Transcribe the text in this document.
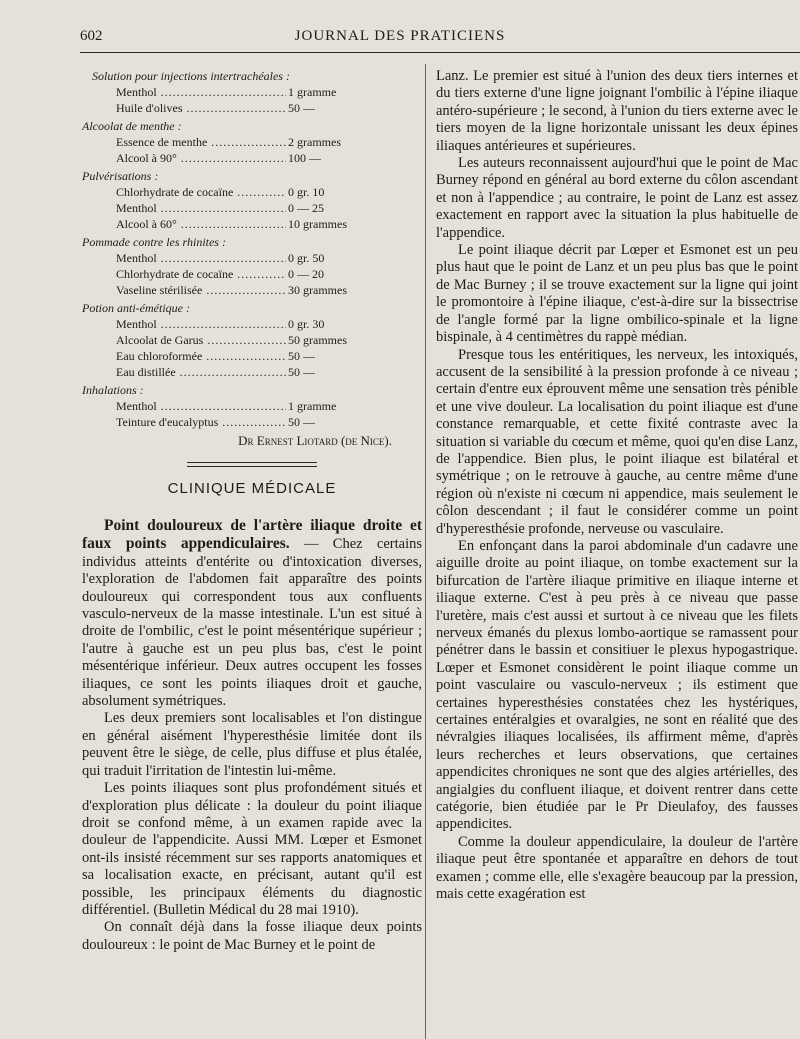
602	JOURNAL DES PRATICIENS
Solution pour injections intertrachéales :
Menthol .....	1 gramme
Huile d'olives .....	50 —
Alcoolat de menthe :
Essence de menthe .....	2 grammes
Alcool à 90° .....	100 —
Pulvérisations :
Chlorhydrate de cocaïne .....	0 gr. 10
Menthol .....	0 — 25
Alcool à 60° .....	10 grammes
Pommade contre les rhinites :
Menthol .....	0 gr. 50
Chlorhydrate de cocaïne .....	0 — 20
Vaseline stérilisée .....	30 grammes
Potion anti-émétique :
Menthol .....	0 gr. 30
Alcoolat de Garus .....	50 grammes
Eau chloroformée .....	50 —
Eau distillée .....	50 —
Inhalations :
Menthol .....	1 gramme
Teinture d'eucalyptus .....	50 —
Dr Ernest Liotard (de Nice).
CLINIQUE MÉDICALE

Point douloureux de l'artère iliaque droite et faux points appendiculaires. — Chez certains individus atteints d'entérite ou d'intoxication diverses, l'exploration de l'abdomen fait apparaître des points douloureux qui correspondent tous aux confluents vasculo-nerveux de la masse intestinale. L'un est situé à droite de l'ombilic, c'est le point mésentérique supérieur ; l'autre à gauche est un peu plus bas, c'est le point mésentérique inférieur. Deux autres occupent les fosses iliaques, ce sont les points iliaques droit et gauche, absolument symétriques.

Les deux premiers sont localisables et l'on distingue en général aisément l'hyperesthésie limitée dont ils peuvent être le siège, de celle, plus diffuse et plus étalée, qui traduit l'irritation de l'intestin lui-même.

Les points iliaques sont plus profondément situés et d'exploration plus délicate : la douleur du point iliaque droit se confond même, à un examen rapide avec la douleur de l'appendicite. Aussi MM. Lœper et Esmonet ont-ils insisté récemment sur ses rapports anatomiques et sa localisation exacte, en précisant, autant qu'il est possible, les principaux éléments du diagnostic différentiel. (Bulletin Médical du 28 mai 1910).

On connaît déjà dans la fosse iliaque deux points douloureux : le point de Mac Burney et le point de

Lanz. Le premier est situé à l'union des deux tiers internes et du tiers externe d'une ligne joignant l'ombilic à l'épine iliaque antéro-supérieure ; le second, à l'union du tiers externe avec le tiers moyen de la ligne horizontale unissant les deux épines iliaques antérieures et supérieures.

Les auteurs reconnaissent aujourd'hui que le point de Mac Burney répond en général au bord externe du côlon ascendant et non à l'appendice ; au contraire, le point de Lanz est assez exactement en rapport avec la situation la plus habituelle de l'appendice.

Le point iliaque décrit par Lœper et Esmonet est un peu plus haut que le point de Lanz et un peu plus bas que le point de Mac Burney ; il se trouve exactement sur la ligne qui joint le promontoire à l'épine iliaque, c'est-à-dire sur la bissectrise de l'angle formé par la ligne ombilico-spinale et la ligne bispinale, à 4 centimètres du rappè médian.

Presque tous les entéritiques, les nerveux, les intoxiqués, accusent de la sensibilité à la pression profonde à ce niveau ; certain d'entre eux éprouvent même une sensation très pénible et une vive douleur. La localisation du point iliaque est d'une constance remarquable, et cette fixité contraste avec la situation si variable du cœcum et même, quoi qu'en dise Lanz, de l'appendice. Bien plus, le point iliaque est bilatéral et symétrique ; on le retrouve à gauche, au centre même d'une région où n'existe ni cœcum ni appendice, mais seulement le côlon descendant ; il faut le considérer comme un point d'hyperesthésie profonde, nerveuse ou vasculaire.

En enfonçant dans la paroi abdominale d'un cadavre une aiguille droite au point iliaque, on tombe exactement sur la bifurcation de l'artère iliaque primitive en iliaque interne et iliaque externe. C'est à peu près à ce niveau que passe l'uretère, mais c'est aussi et surtout à ce niveau que les filets nerveux émanés du plexus lombo-aortique se ramassent pour pénétrer dans le bassin et consitiuer le plexus hypogastrique. Lœper et Esmonet considèrent le point iliaque comme un point vasculaire ou vasculo-nerveux ; ils estiment que certaines hyperesthésies constatées chez les hystériques, certaines entéralgies et ovaralgies, ne sont en réalité que des névralgies iliaques localisées, ils affirment même, d'après leurs recherches et leurs observations, que certaines appendicites chroniques ne sont que des algies artérielles, des angialgies du confluent iliaque, et doivent rentrer dans cette catégorie, bien étudiée par le Pr Dieulafoy, des fausses appendicites.

Comme la douleur appendiculaire, la douleur de l'artère iliaque peut être spontanée et apparaître en dehors de tout examen ; comme elle, elle s'exagère beaucoup par la pression, mais cette exagération est
